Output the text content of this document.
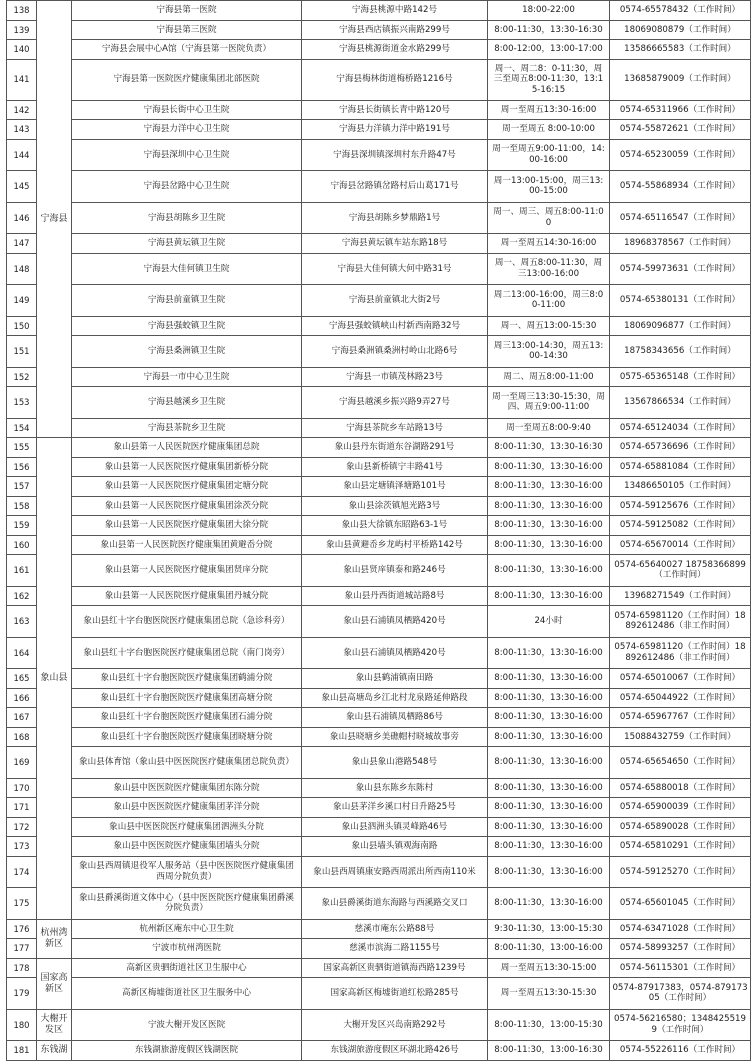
138	宁海县	宁海县第一医院	宁海县桃源中路142号	18:00-22:00	0574-65578432（工作时间）
139		宁海县第三医院	宁海县西店镇振兴南路299号	8:00-11:30，13:30-16:30	18069080879（工作时间）
140		宁海县会展中心A馆（宁海县第一医院负责）	宁海县桃源街道金水路299号	8:00-12:00，13:00-17:00	13586665583（工作时间）
141		宁海县第一医院医疗健康集团北部医院	宁海县梅林街道梅桥路1216号	周一、周二8：0-11:30，周三至周五8:00-11:30，13:15-16:15	13685879009（工作时间）
142		宁海县长街中心卫生院	宁海县长街镇长青中路120号	周一至周五13:30-16:00	0574-65311966（工作时间）
143		宁海县力洋中心卫生院	宁海县力洋镇力洋中路191号	周一至周五 8:00-10:00	0574-55872621（工作时间）
144		宁海县深圳中心卫生院	宁海县深圳镇深圳村东升路47号	周一至周五9:00-11:00，14:00-16:00	0574-65230059（工作时间）
145		宁海县岔路中心卫生院	宁海县岔路镇岔路村后山葛171号	周一13:00-15:00，周三13:00-15:00	0574-55868934（工作时间）
146		宁海县胡陈乡卫生院	宁海县胡陈乡梦鼎路1号	周一、周三、周五8:00-11:00	0574-65116547（工作时间）
147		宁海县黄坛镇卫生院	宁海县黄坛镇车站东路18号	周一至周五14:30-16:00	18968378567（工作时间）
148		宁海县大佳何镇卫生院	宁海县大佳何镇大何中路31号	周一、周五8:00-11:30，周三13:00-16:00	0574-59973631（工作时间）
149		宁海县前童镇卫生院	宁海县前童镇北大街2号	周二13:00-16:00，周三8:00-11:00	0574-65380131（工作时间）
150		宁海县强蛟镇卫生院	宁海县强蛟镇峡山村新西南路32号	周一、周五13:00-15:30	18069096877（工作时间）
151		宁海县桑洲镇卫生院	宁海县桑洲镇桑洲村岭山北路6号	周三13:00-14:30，周五13:00-14:30	18758343656（工作时间）
152		宁海县一市中心卫生院	宁海县一市镇茂林路23号	周二、周五8:00-11:00	0575-65365148（工作时间）
153		宁海县越溪乡卫生院	宁海县越溪乡振兴路9弄27号	周一至周三13:30-15:30，周四、周五9:00-11:00	13567866534（工作时间）
154		宁海县茶院乡卫生院	宁海县茶院乡车站路13号	周一至周五8:00-9:40	0574-65124034（工作时间）
155	象山县	象山县第一人民医院医疗健康集团总院	象山县丹东街道东谷湖路291号	8:00-11:30，13:30-16:30	0574-65736696（工作时间）
156		象山县第一人民医院医疗健康集团新桥分院	象山县新桥镇宁丰路41号	8:00-11:30，13:30-16:00	0574-65881084（工作时间）
157		象山县第一人民医院医疗健康集团定塘分院	象山县定塘镇泽塘路101号	8:00-11:30，13:30-16:00	13486650105（工作时间）
158		象山县第一人民医院医疗健康集团涂茨分院	象山县涂茨镇旭光路3号	8:00-11:30，13:30-16:00	0574-59125676（工作时间）
159		象山县第一人民医院医疗健康集团大徐分院	象山县大徐镇东昭路63-1号	8:00-11:30，13:30-16:00	0574-59125082（工作时间）
160		象山县第一人民医院医疗健康集团黄避岙分院	象山县黄避岙乡龙屿村平桥路142号	8:00-11:30，13:30-16:00	0574-65670014（工作时间）
161		象山县第一人民医院医疗健康集团贤庠分院	象山县贤庠镇泰和路246号	8:00-11:30，13:30-16:00	0574-65640027 18758366899（工作时间）
162		象山县第一人民医院医疗健康集团丹城分院	象山县丹西街道城站路8号	8:00-11:30，13:30-16:00	13968271549（工作时间）
163		象山县红十字台胞医院医疗健康集团总院（急诊科旁）	象山县石浦镇凤栖路420号	24小时	0574-65981120（工作时间）18892612486（非工作时间）
164		象山县红十字台胞医院医疗健康集团总院（南门岗旁）	象山县石浦镇凤栖路420号	8:00-11:30，13:30-16:00	0574-65981120（工作时间）18892612486（非工作时间）
165		象山县红十字台胞医院医疗健康集团鹤浦分院	象山县鹤浦镇南田路	8:00-11:30，13:30-16:00	0574-65010067（工作时间）
166		象山县红十字台胞医院医疗健康集团高塘分院	象山县高塘岛乡江北村龙泉路延伸路段	8:00-11:30，13:30-16:00	0574-65044922（工作时间）
167		象山县红十字台胞医院医疗健康集团石浦分院	象山县石浦镇凤栖路86号	8:00-11:30，13:30-16:00	0574-65967767（工作时间）
168		象山县红十字台胞医院医疗健康集团晓塘分院	象山县晓塘乡美礁帽村晓城故事旁	8:00-11:30，13:30-16:00	15088432759（工作时间）
169		象山县体育馆（象山县中医医院医疗健康集团总院负责）	象山县象山港路548号	8:00-11:30，13:30-16:00	0574-65654650（工作时间）
170		象山县中医医院医疗健康集团东陈分院	象山县东陈乡东陈村	8:00-11:30，13:30-16:00	0574-65880018（工作时间）
171		象山县中医医院医疗健康集团茅洋分院	象山县茅洋乡溪口村日升路25号	8:00-11:30，13:30-16:00	0574-65900039（工作时间）
172		象山县中医医院医疗健康集团泗洲头分院	象山县泗洲头镇灵峰路46号	8:00-11:30，13:30-16:00	0574-65890028（工作时间）
173		象山县中医医院医疗健康集团墙头分院	象山县墙头镇观海南路	8:00-11:30，13:30-16:00	0574-65810291（工作时间）
174		象山县西周镇退役军人服务站（县中医医院医疗健康集团西周分院负责）	象山县西周镇康安路西周派出所西南110米	8:00-11:30，13:30-16:00	0574-59125270（工作时间）
175		象山县爵溪街道文体中心（县中医医院医疗健康集团爵溪分院负责）	象山县爵溪街道东海路与西溪路交叉口	8:00-11:30，13:30-16:00	0574-65601045（工作时间）
176	杭州湾新区	杭州新区庵东中心卫生院	慈溪市庵东公路88号	9:30-11:30，13:00-15:30	0574-63471028（工作时间）
177		宁波市杭州湾医院	慈溪市滨海二路1155号	8:00-11:30，13:00-16:00	0574-58993257（工作时间）
178	国家高新区	高新区贵驷街道社区卫生服中心	国家高新区贵驷街道镇海西路1239号	周一至周五13:30-15:00	0574-56115301（工作时间）
179		高新区梅墟街道社区卫生服务中心	国家高新区梅墟街道红松路285号	周一至周五13:30-15:30	0574-87917383，0574-87917305（工作时间）
180	大榭开发区	宁波大榭开发区医院	大榭开发区兴岛南路292号	8:00-11:30，13:00-15:30	0574-56216580；13484255199（工作时间）
181	东钱湖	东钱湖旅游度假区钱湖医院	东钱湖旅游度假区环湖北路426号	8:00-11:30，13:00-16:30	0574-55226116（工作时间）
